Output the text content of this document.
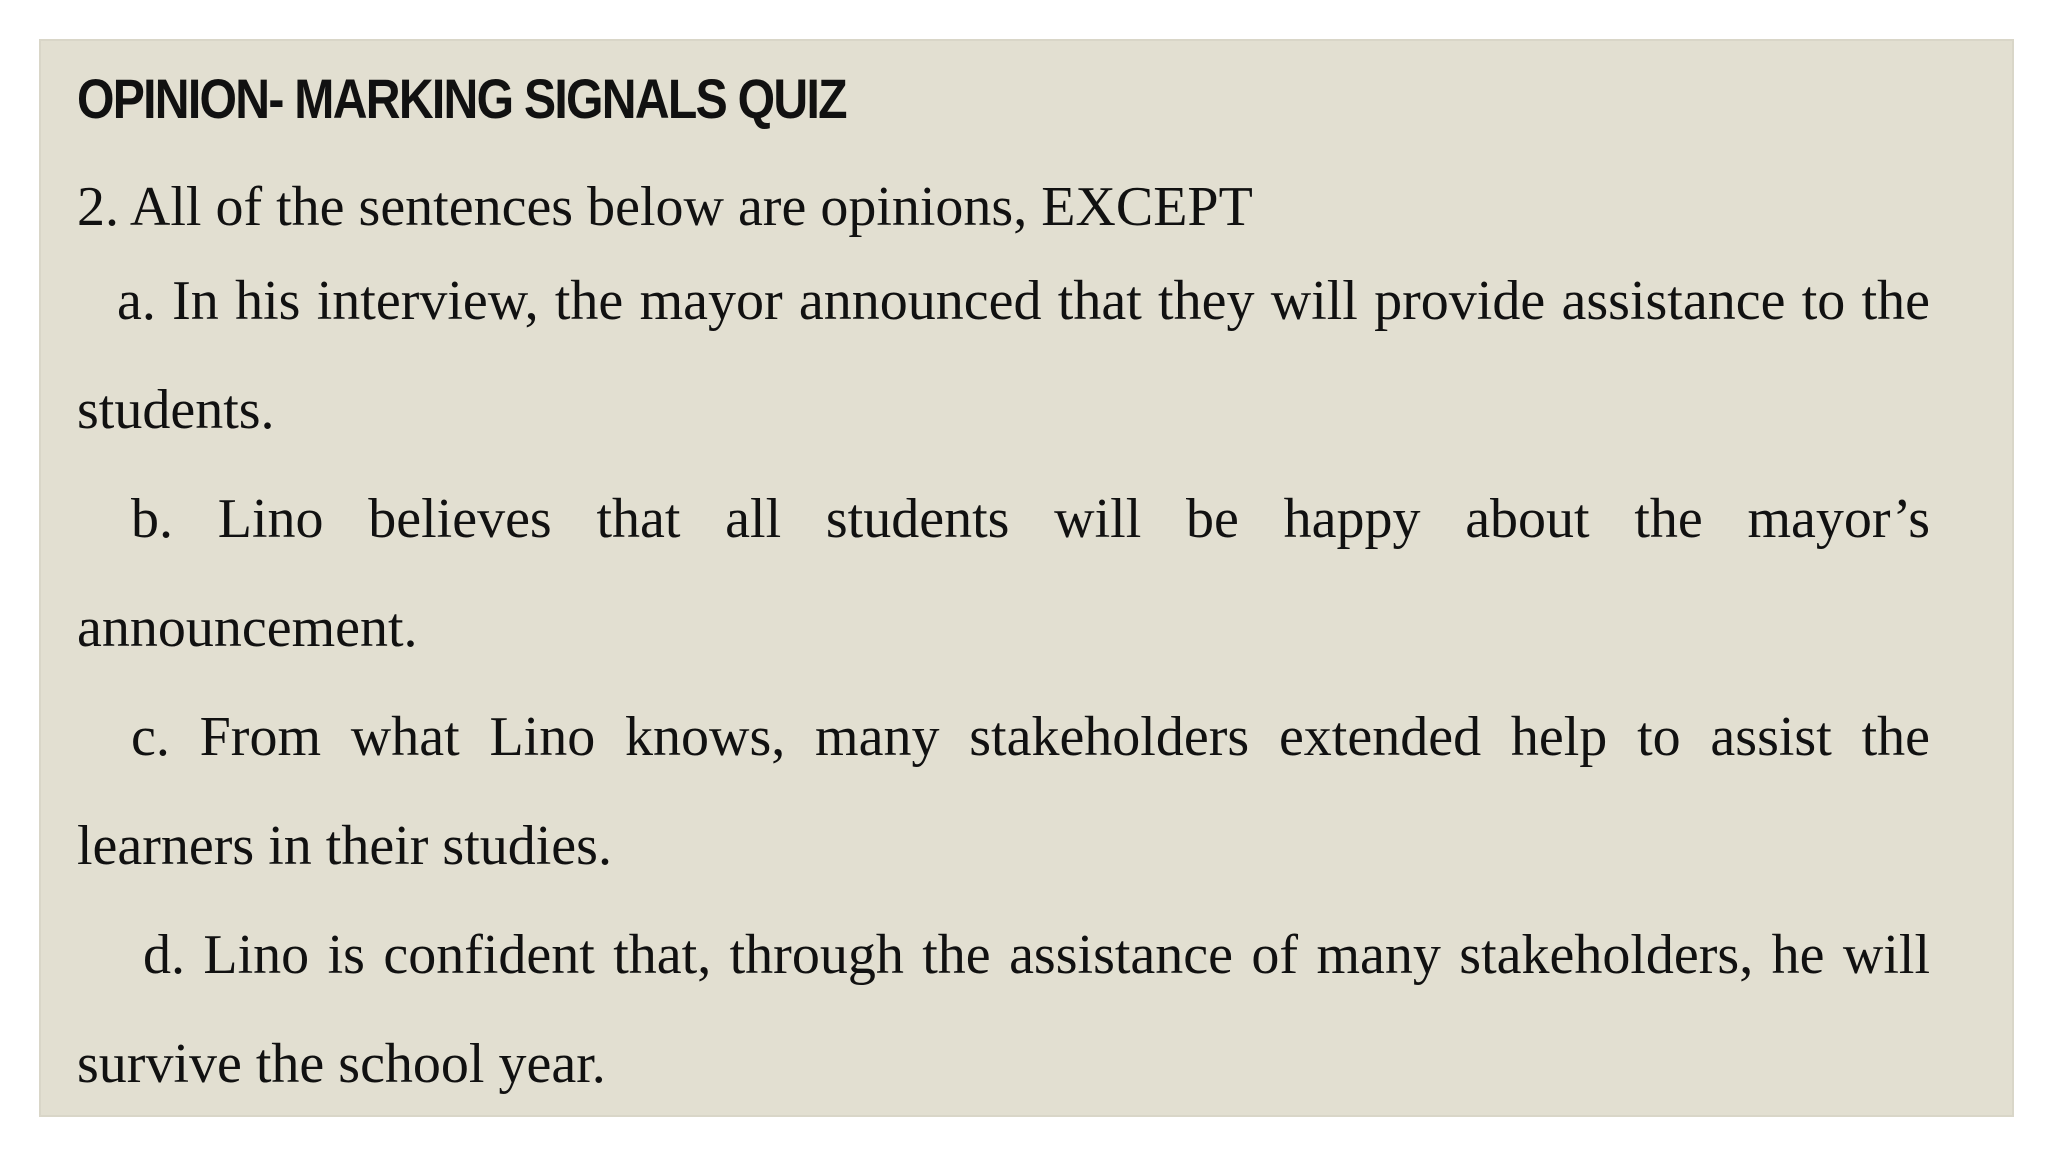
OPINION- MARKING SIGNALS QUIZ

2. All of the sentences below are opinions, EXCEPT

a. In his interview, the mayor announced that they will provide assistance to the students.

b. Lino believes that all students will be happy about the mayor’s announcement.

c. From what Lino knows, many stakeholders extended help to assist the learners in their studies.

d. Lino is confident that, through the assistance of many stakeholders, he will survive the school year.
